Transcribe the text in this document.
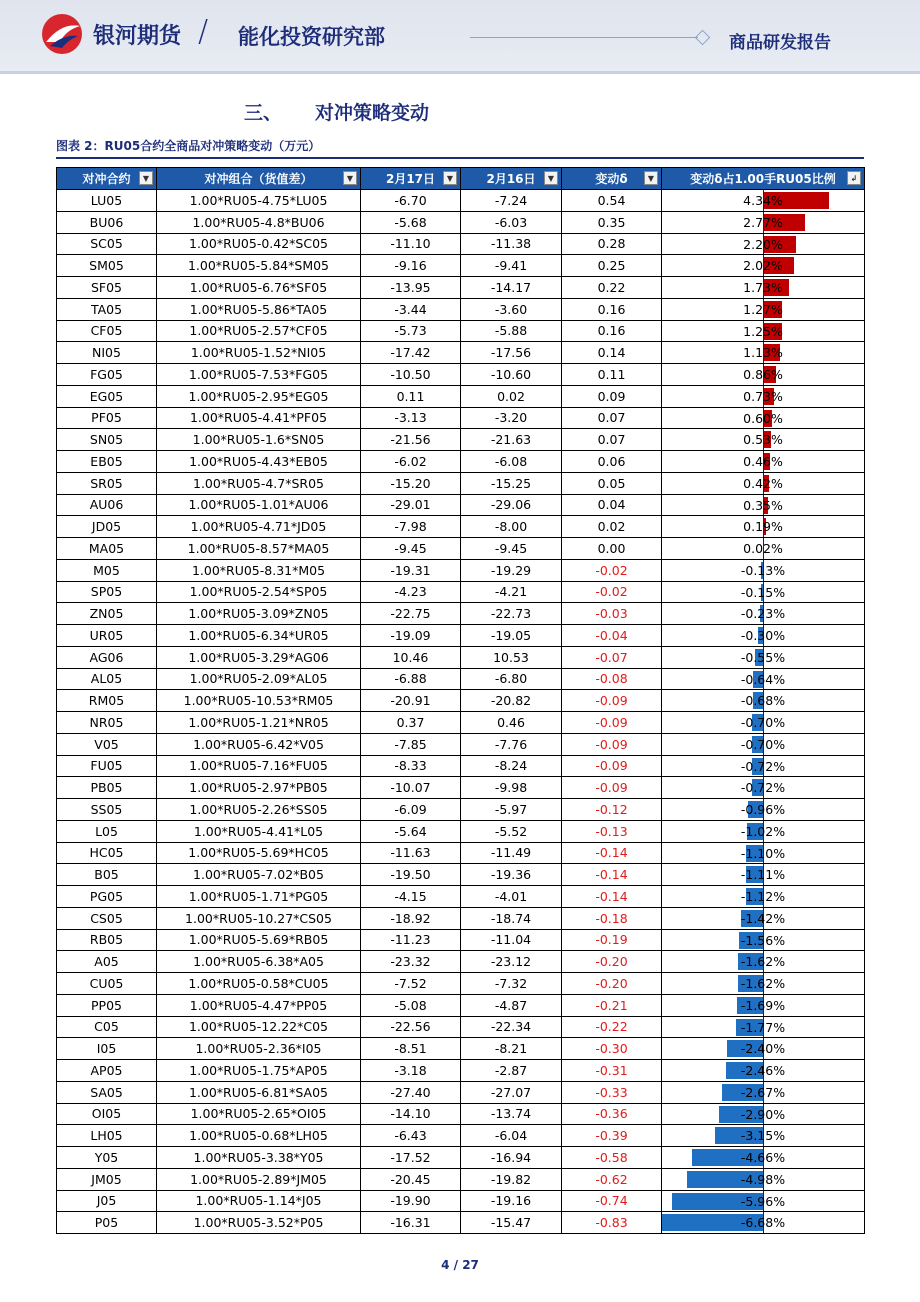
银河期货 / 能化投资研究部	商品研发报告
三、 对冲策略变动
图表 2：RU05合约全商品对冲策略变动（万元）
对冲合约 ▼	对冲组合（货值差） ▼	2月17日 ▼	2月16日 ▼	变动δ ▼	变动δ占1.00手RU05比例 ↲

LU05	1.00*RU05-4.75*LU05	-6.70	-7.24	0.54	4.34%

BU06	1.00*RU05-4.8*BU06	-5.68	-6.03	0.35	2.77%

SC05	1.00*RU05-0.42*SC05	-11.10	-11.38	0.28	2.20%

SM05	1.00*RU05-5.84*SM05	-9.16	-9.41	0.25	2.02%

SF05	1.00*RU05-6.76*SF05	-13.95	-14.17	0.22	1.73%

TA05	1.00*RU05-5.86*TA05	-3.44	-3.60	0.16	1.27%

CF05	1.00*RU05-2.57*CF05	-5.73	-5.88	0.16	1.25%

NI05	1.00*RU05-1.52*NI05	-17.42	-17.56	0.14	1.13%

FG05	1.00*RU05-7.53*FG05	-10.50	-10.60	0.11	0.86%

EG05	1.00*RU05-2.95*EG05	0.11	0.02	0.09	0.73%

PF05	1.00*RU05-4.41*PF05	-3.13	-3.20	0.07	0.60%

SN05	1.00*RU05-1.6*SN05	-21.56	-21.63	0.07	0.53%

EB05	1.00*RU05-4.43*EB05	-6.02	-6.08	0.06	0.46%

SR05	1.00*RU05-4.7*SR05	-15.20	-15.25	0.05	0.42%

AU06	1.00*RU05-1.01*AU06	-29.01	-29.06	0.04	0.35%

JD05	1.00*RU05-4.71*JD05	-7.98	-8.00	0.02	0.19%

MA05	1.00*RU05-8.57*MA05	-9.45	-9.45	0.00	0.02%

M05	1.00*RU05-8.31*M05	-19.31	-19.29	-0.02	-0.13%

SP05	1.00*RU05-2.54*SP05	-4.23	-4.21	-0.02	-0.15%

ZN05	1.00*RU05-3.09*ZN05	-22.75	-22.73	-0.03	-0.23%

UR05	1.00*RU05-6.34*UR05	-19.09	-19.05	-0.04	-0.30%

AG06	1.00*RU05-3.29*AG06	10.46	10.53	-0.07	-0.55%

AL05	1.00*RU05-2.09*AL05	-6.88	-6.80	-0.08	-0.64%

RM05	1.00*RU05-10.53*RM05	-20.91	-20.82	-0.09	-0.68%

NR05	1.00*RU05-1.21*NR05	0.37	0.46	-0.09	-0.70%

V05	1.00*RU05-6.42*V05	-7.85	-7.76	-0.09	-0.70%

FU05	1.00*RU05-7.16*FU05	-8.33	-8.24	-0.09	-0.72%

PB05	1.00*RU05-2.97*PB05	-10.07	-9.98	-0.09	-0.72%

SS05	1.00*RU05-2.26*SS05	-6.09	-5.97	-0.12	-0.96%

L05	1.00*RU05-4.41*L05	-5.64	-5.52	-0.13	-1.02%

HC05	1.00*RU05-5.69*HC05	-11.63	-11.49	-0.14	-1.10%

B05	1.00*RU05-7.02*B05	-19.50	-19.36	-0.14	-1.11%

PG05	1.00*RU05-1.71*PG05	-4.15	-4.01	-0.14	-1.12%

CS05	1.00*RU05-10.27*CS05	-18.92	-18.74	-0.18	-1.42%

RB05	1.00*RU05-5.69*RB05	-11.23	-11.04	-0.19	-1.56%

A05	1.00*RU05-6.38*A05	-23.32	-23.12	-0.20	-1.62%

CU05	1.00*RU05-0.58*CU05	-7.52	-7.32	-0.20	-1.62%

PP05	1.00*RU05-4.47*PP05	-5.08	-4.87	-0.21	-1.69%

C05	1.00*RU05-12.22*C05	-22.56	-22.34	-0.22	-1.77%

I05	1.00*RU05-2.36*I05	-8.51	-8.21	-0.30	-2.40%

AP05	1.00*RU05-1.75*AP05	-3.18	-2.87	-0.31	-2.46%

SA05	1.00*RU05-6.81*SA05	-27.40	-27.07	-0.33	-2.67%

OI05	1.00*RU05-2.65*OI05	-14.10	-13.74	-0.36	-2.90%

LH05	1.00*RU05-0.68*LH05	-6.43	-6.04	-0.39	-3.15%

Y05	1.00*RU05-3.38*Y05	-17.52	-16.94	-0.58	-4.66%

JM05	1.00*RU05-2.89*JM05	-20.45	-19.82	-0.62	-4.98%

J05	1.00*RU05-1.14*J05	-19.90	-19.16	-0.74	-5.96%

P05	1.00*RU05-3.52*P05	-16.31	-15.47	-0.83	-6.68%
4 / 27
